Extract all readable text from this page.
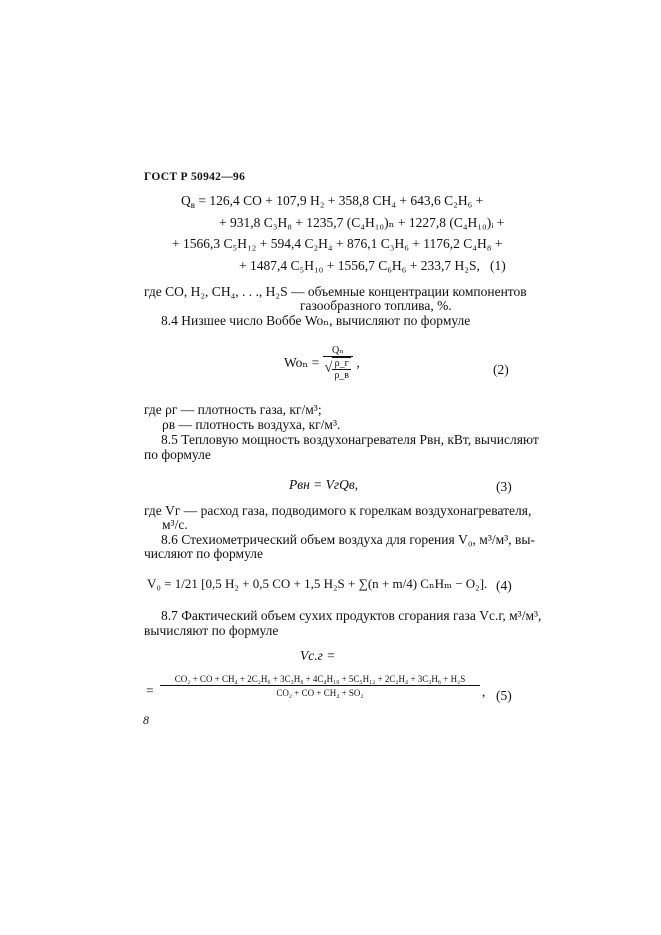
ГОСТ Р 50942—96
$Q_в = 126,4$ CO + 107,9 H₂ + 358,8 CH₄ + 643,6 C₂H₆ +
+ 931,8 C₃H₈ + 1235,7 (C₄H₁₀)ₙ + 1227,8 (C₄H₁₀)ᵢ +
+ 1566,3 C₅H₁₂ + 594,4 C₂H₄ + 876,1 C₃H₆ + 1176,2 C₄H₈ +
+ 1487,4 C₅H₁₀ + 1556,7 C₆H₆ + 233,7 H₂S, (1)
где CO, H₂, CH₄, . . ., H₂S — объемные концентрации компонентов
газообразного топлива, %.
8.4 Низшее число Воббе Woₙ, вычисляют по формуле
$Wo_n = \frac{\text{Qₙ}}{√ \frac{\rho\_г}{\rho\_в}}$ ,	(2)
где ρг — плотность газа, кг/м³;
ρв — плотность воздуха, кг/м³.
8.5 Тепловую мощность воздухонагревателя Pвн, кВт, вычисляют
по формуле
Pвн = VгQв,	(3)
где Vг — расход газа, подводимого к горелкам воздухонагревателя,
м³/с.
8.6 Стехиометрический объем воздуха для горения V₀, м³/м³, вы-
числяют по формуле
V₀ = 1/21 [0,5 H₂ + 0,5 CO + 1,5 H₂S + ∑(n + m/4) CₙHₘ − O₂]. (4)
8.7 Фактический объем сухих продуктов сгорания газа Vс.г, м³/м³,
вычисляют по формуле
Vс.г =
=
CO₂ + CO + CH₄ + 2C₂H₆ + 3C₃H₈ + 4C₄H₁₀ + 5C₅H₁₂ + 2C₂H₄ + 3C₃H₆ + H₂S
CO₂ + CO + CH₄ + SO₂	, (5)
8
